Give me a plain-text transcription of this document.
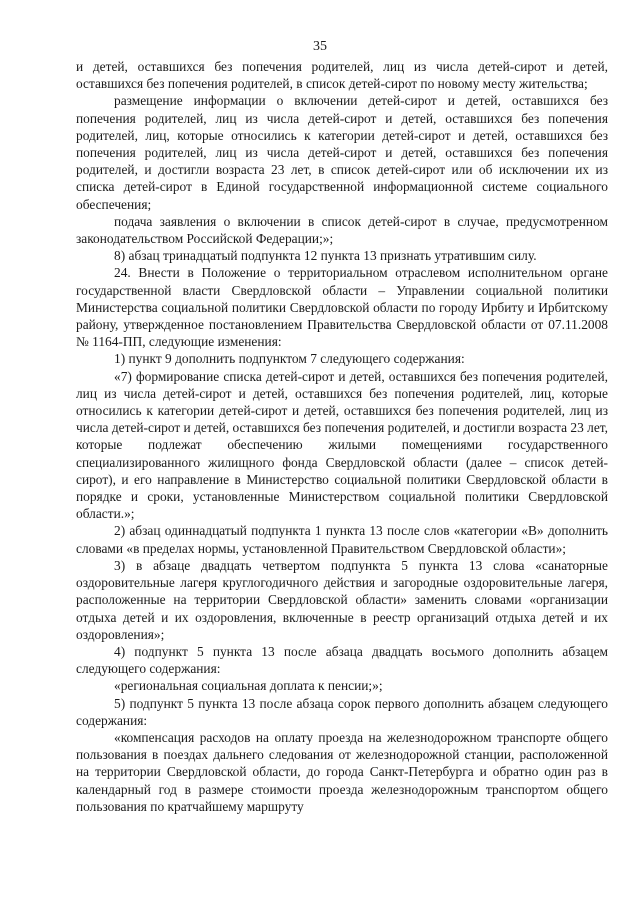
35

и детей, оставшихся без попечения родителей, лиц из числа детей-сирот и детей, оставшихся без попечения родителей, в список детей-сирот по новому месту жительства;

размещение информации о включении детей-сирот и детей, оставшихся без попечения родителей, лиц из числа детей-сирот и детей, оставшихся без попечения родителей, лиц, которые относились к категории детей-сирот и детей, оставшихся без попечения родителей, лиц из числа детей-сирот и детей, оставшихся без попечения родителей, и достигли возраста 23 лет, в список детей-сирот или об исключении их из списка детей-сирот в Единой государственной информационной системе социального обеспечения;

подача заявления о включении в список детей-сирот в случае, предусмотренном законодательством Российской Федерации;»;

8) абзац тринадцатый подпункта 12 пункта 13 признать утратившим силу.

24. Внести в Положение о территориальном отраслевом исполнительном органе государственной власти Свердловской области – Управлении социальной политики Министерства социальной политики Свердловской области по городу Ирбиту и Ирбитскому району, утвержденное постановлением Правительства Свердловской области от 07.11.2008 № 1164-ПП, следующие изменения:

1) пункт 9 дополнить подпунктом 7 следующего содержания:

«7) формирование списка детей-сирот и детей, оставшихся без попечения родителей, лиц из числа детей-сирот и детей, оставшихся без попечения родителей, лиц, которые относились к категории детей-сирот и детей, оставшихся без попечения родителей, лиц из числа детей-сирот и детей, оставшихся без попечения родителей, и достигли возраста 23 лет, которые подлежат обеспечению жилыми помещениями государственного специализированного жилищного фонда Свердловской области (далее – список детей-сирот), и его направление в Министерство социальной политики Свердловской области в порядке и сроки, установленные Министерством социальной политики Свердловской области.»;

2) абзац одиннадцатый подпункта 1 пункта 13 после слов «категории «В» дополнить словами «в пределах нормы, установленной Правительством Свердловской области»;

3) в абзаце двадцать четвертом подпункта 5 пункта 13 слова «санаторные оздоровительные лагеря круглогодичного действия и загородные оздоровительные лагеря, расположенные на территории Свердловской области» заменить словами «организации отдыха детей и их оздоровления, включенные в реестр организаций отдыха детей и их оздоровления»;

4) подпункт 5 пункта 13 после абзаца двадцать восьмого дополнить абзацем следующего содержания:

«региональная социальная доплата к пенсии;»;

5) подпункт 5 пункта 13 после абзаца сорок первого дополнить абзацем следующего содержания:

«компенсация расходов на оплату проезда на железнодорожном транспорте общего пользования в поездах дальнего следования от железнодорожной станции, расположенной на территории Свердловской области, до города Санкт-Петербурга и обратно один раз в календарный год в размере стоимости проезда железнодорожным транспортом общего пользования по кратчайшему маршруту
